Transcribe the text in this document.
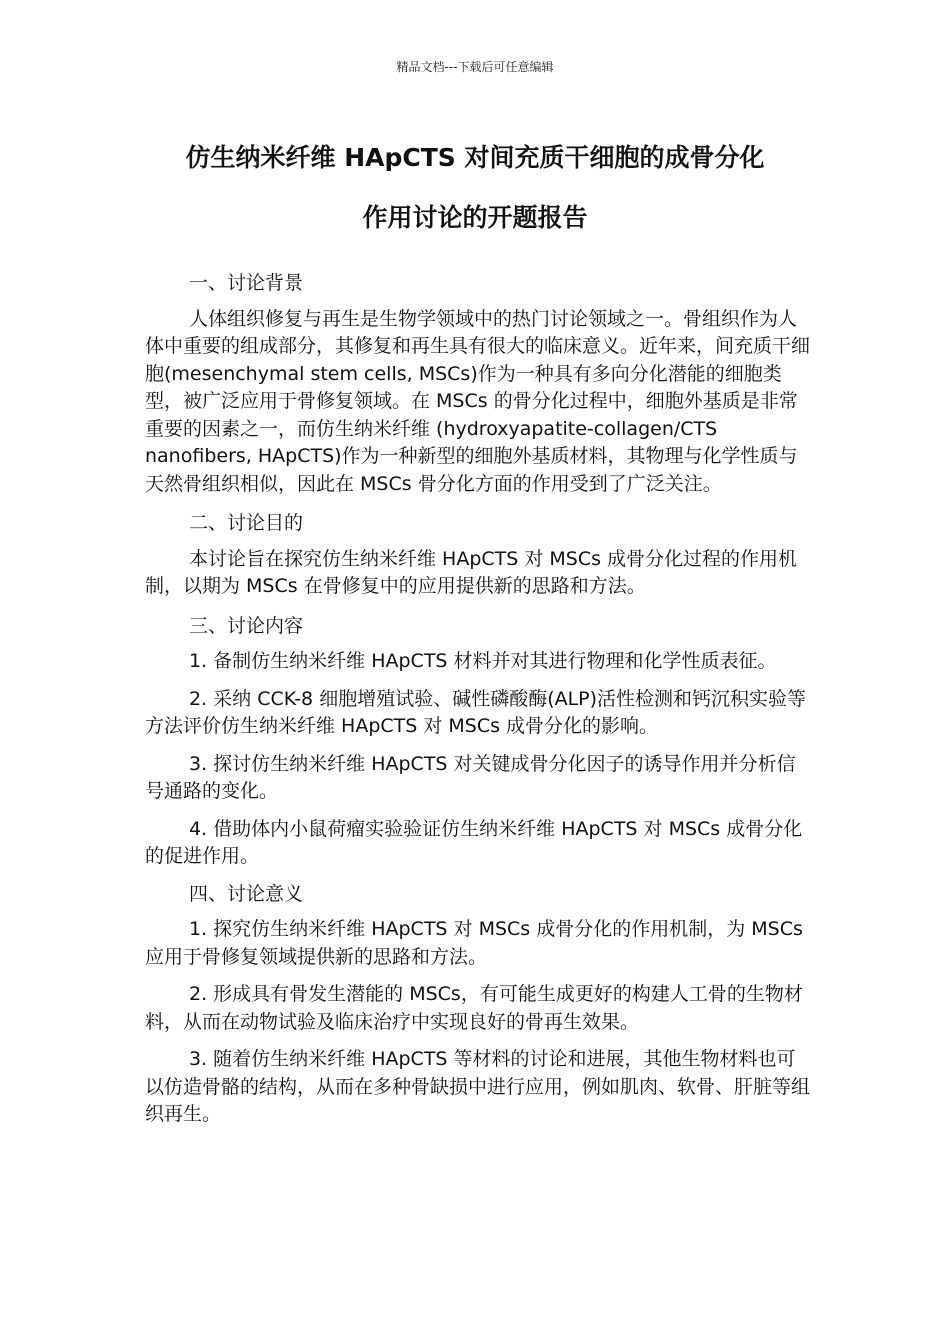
精品文档---下载后可任意编辑
仿生纳米纤维 HApCTS 对间充质干细胞的成骨分化
作用讨论的开题报告

一、讨论背景

人体组织修复与再生是生物学领域中的热门讨论领域之一。骨组织作为人体中重要的组成部分，其修复和再生具有很大的临床意义。近年来，间充质干细胞(mesenchymal stem cells, MSCs)作为一种具有多向分化潜能的细胞类型，被广泛应用于骨修复领域。在 MSCs 的骨分化过程中，细胞外基质是非常重要的因素之一，而仿生纳米纤维 (hydroxyapatite-collagen/CTS nanofibers, HApCTS)作为一种新型的细胞外基质材料，其物理与化学性质与天然骨组织相似，因此在 MSCs 骨分化方面的作用受到了广泛关注。

二、讨论目的

本讨论旨在探究仿生纳米纤维 HApCTS 对 MSCs 成骨分化过程的作用机制，以期为 MSCs 在骨修复中的应用提供新的思路和方法。

三、讨论内容

1. 备制仿生纳米纤维 HApCTS 材料并对其进行物理和化学性质表征。

2. 采纳 CCK-8 细胞增殖试验、碱性磷酸酶(ALP)活性检测和钙沉积实验等方法评价仿生纳米纤维 HApCTS 对 MSCs 成骨分化的影响。

3. 探讨仿生纳米纤维 HApCTS 对关键成骨分化因子的诱导作用并分析信号通路的变化。

4. 借助体内小鼠荷瘤实验验证仿生纳米纤维 HApCTS 对 MSCs 成骨分化的促进作用。

四、讨论意义

1. 探究仿生纳米纤维 HApCTS 对 MSCs 成骨分化的作用机制，为 MSCs 应用于骨修复领域提供新的思路和方法。

2. 形成具有骨发生潜能的 MSCs，有可能生成更好的构建人工骨的生物材料，从而在动物试验及临床治疗中实现良好的骨再生效果。

3. 随着仿生纳米纤维 HApCTS 等材料的讨论和进展，其他生物材料也可以仿造骨骼的结构，从而在多种骨缺损中进行应用，例如肌肉、软骨、肝脏等组织再生。
